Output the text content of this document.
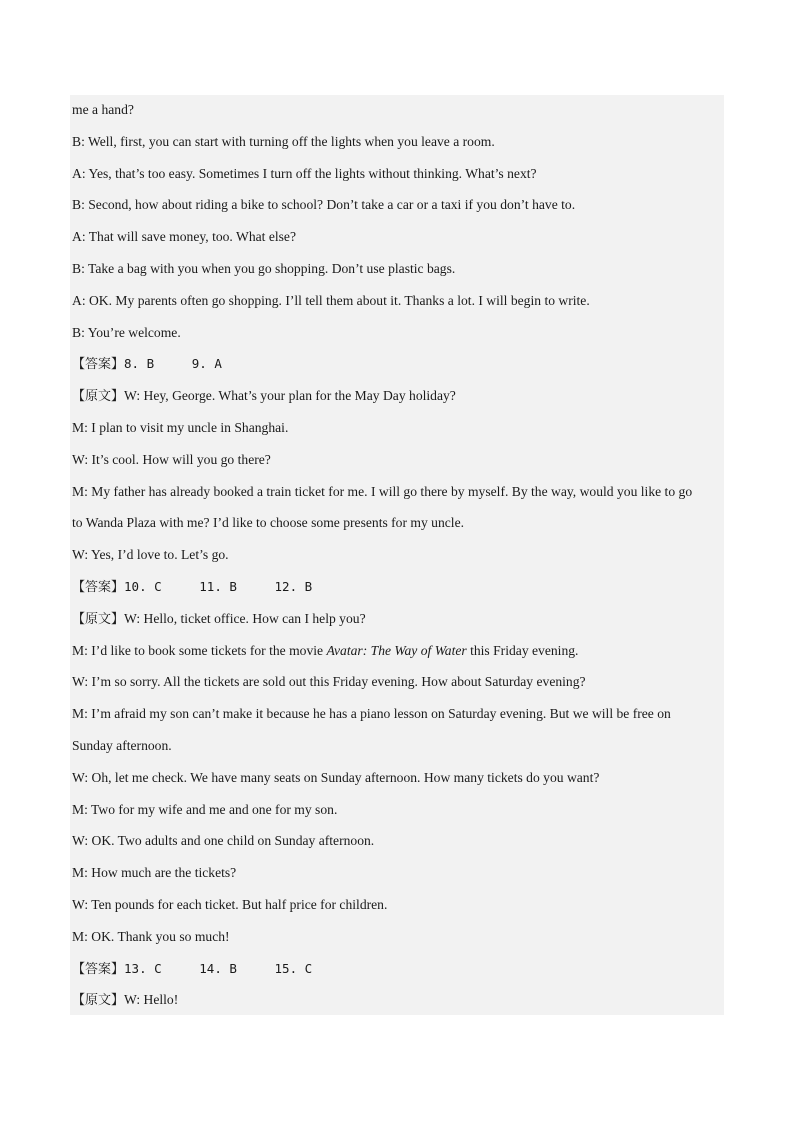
me a hand?
B: Well, first, you can start with turning off the lights when you leave a room.
A: Yes, that’s too easy. Sometimes I turn off the lights without thinking. What’s next?
B: Second, how about riding a bike to school? Don’t take a car or a taxi if you don’t have to.
A: That will save money, too. What else?
B: Take a bag with you when you go shopping. Don’t use plastic bags.
A: OK. My parents often go shopping. I’ll tell them about it. Thanks a lot. I will begin to write.
B: You’re welcome.
【答案】8. B     9. A
【原文】W: Hey, George. What’s your plan for the May Day holiday?
M: I plan to visit my uncle in Shanghai.
W: It’s cool. How will you go there?
M: My father has already booked a train ticket for me. I will go there by myself. By the way, would you like to go
to Wanda Plaza with me? I’d like to choose some presents for my uncle.
W: Yes, I’d love to. Let’s go.
【答案】10. C     11. B     12. B
【原文】W: Hello, ticket office. How can I help you?
M: I’d like to book some tickets for the movie Avatar: The Way of Water this Friday evening.
W: I’m so sorry. All the tickets are sold out this Friday evening. How about Saturday evening?
M: I’m afraid my son can’t make it because he has a piano lesson on Saturday evening. But we will be free on
Sunday afternoon.
W: Oh, let me check. We have many seats on Sunday afternoon. How many tickets do you want?
M: Two for my wife and me and one for my son.
W: OK. Two adults and one child on Sunday afternoon.
M: How much are the tickets?
W: Ten pounds for each ticket. But half price for children.
M: OK. Thank you so much!
【答案】13. C     14. B     15. C
【原文】W: Hello!
